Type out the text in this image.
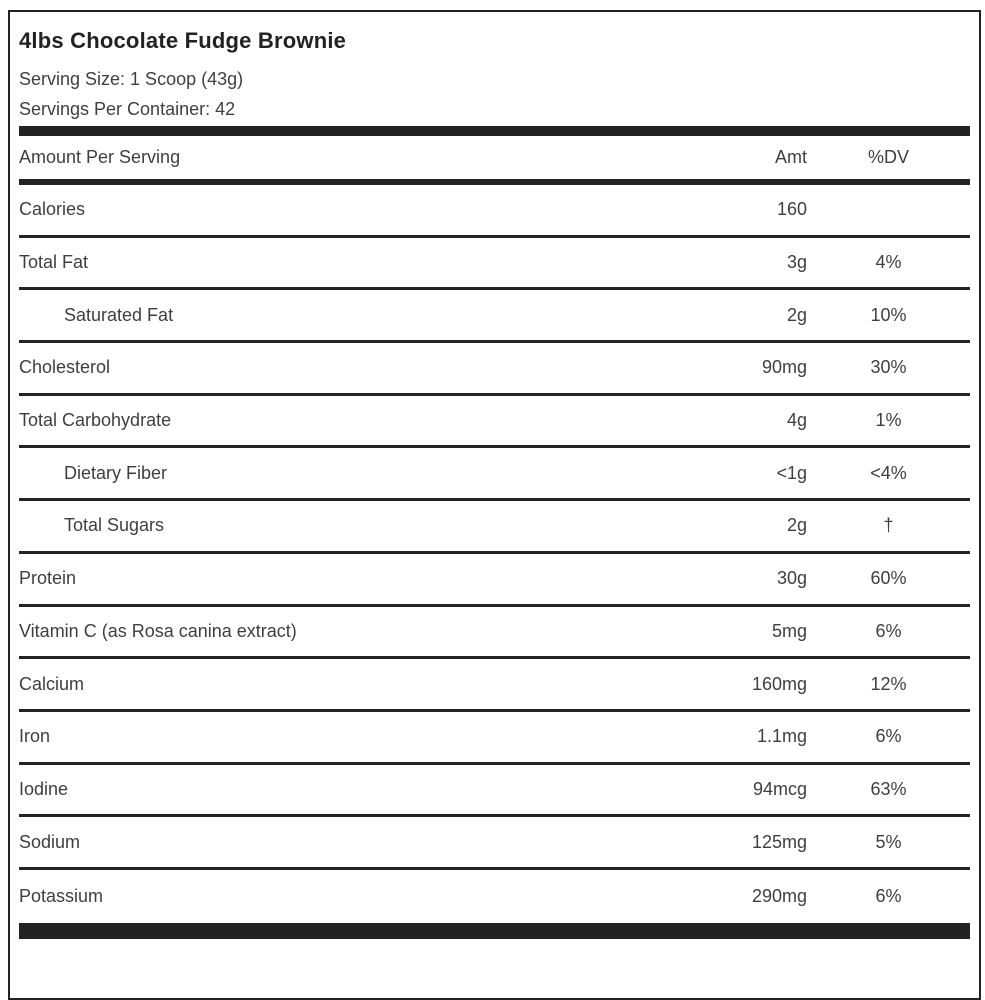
4lbs Chocolate Fudge Brownie

Serving Size: 1 Scoop (43g)

Servings Per Container: 42

Amount Per Serving	Amt	%DV
Calories	160
Total Fat	3g	4%
Saturated Fat	2g	10%
Cholesterol	90mg	30%
Total Carbohydrate	4g	1%
Dietary Fiber	<1g	<4%
Total Sugars	2g	†
Protein	30g	60%
Vitamin C (as Rosa canina extract)	5mg	6%
Calcium	160mg	12%
Iron	1.1mg	6%
Iodine	94mcg	63%
Sodium	125mg	5%
Potassium	290mg	6%
